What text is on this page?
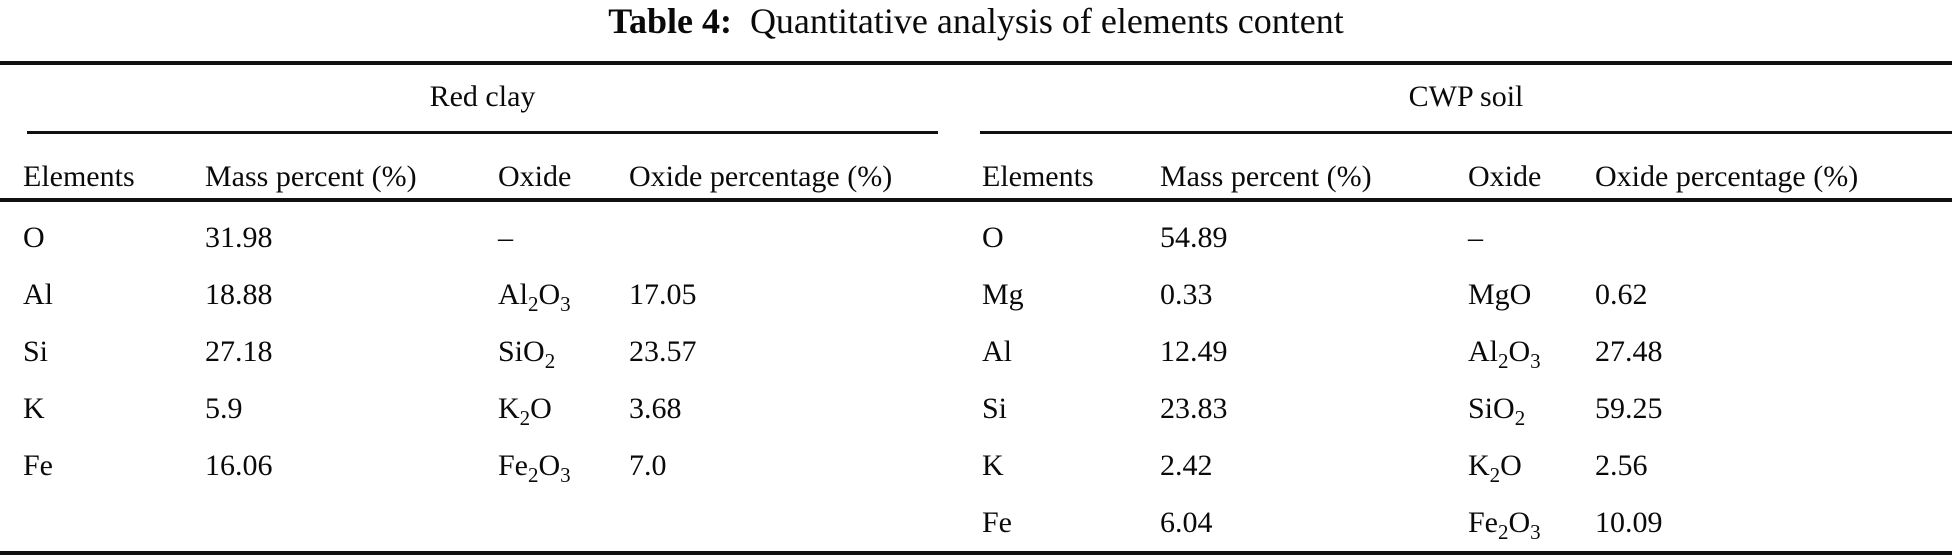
Table 4: Quantitative analysis of elements content
Red clay
Elements Mass percent (%)	Oxide Oxide percentage (%)
O	31.98	–
Al	18.88	$Al_2O_3$ 17.05
Si	27.18	SiO$_2$ 23.57
K	5.9	$K_2O$	3.68
Fe	16.06	$Fe_2O_3$ 7.0
CWP soil
Elements Mass percent (%)	Oxide Oxide percentage (%)
O	54.89	–
Mg	0.33	MgO 0.62
Al	12.49	$Al_2O_3$ 27.48
Si	23.83	SiO$_2$ 59.25
K	2.42	$K_2O$ 2.56
Fe	6.04	$Fe_2O_3$ 10.09
